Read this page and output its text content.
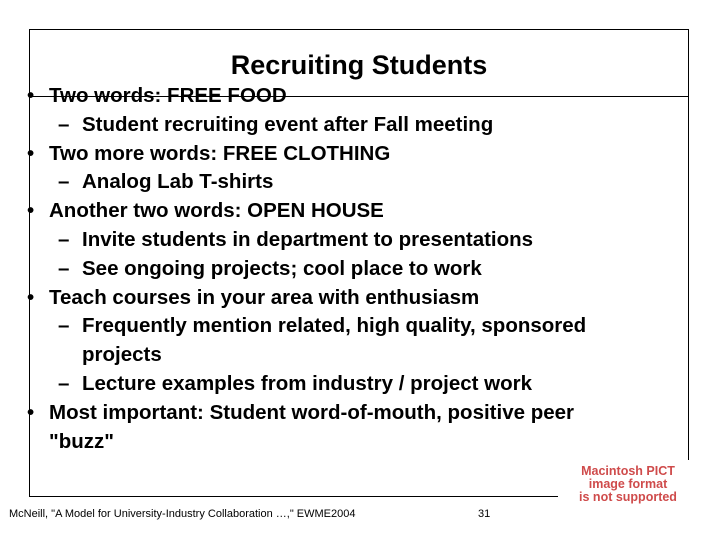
Recruiting Students
• Two words: FREE FOOD
– Student recruiting event after Fall meeting
• Two more words: FREE CLOTHING
– Analog Lab T-shirts
• Another two words: OPEN HOUSE
– Invite students in department to presentations
– See ongoing projects; cool place to work
• Teach courses in your area with enthusiasm
– Frequently mention related, high quality, sponsored projects
– Lecture examples from industry / project work
• Most important: Student word-of-mouth, positive peer "buzz"
Macintosh PICT
image format
is not supported
McNeill, "A Model for University-Industry Collaboration …," EWME2004	31
